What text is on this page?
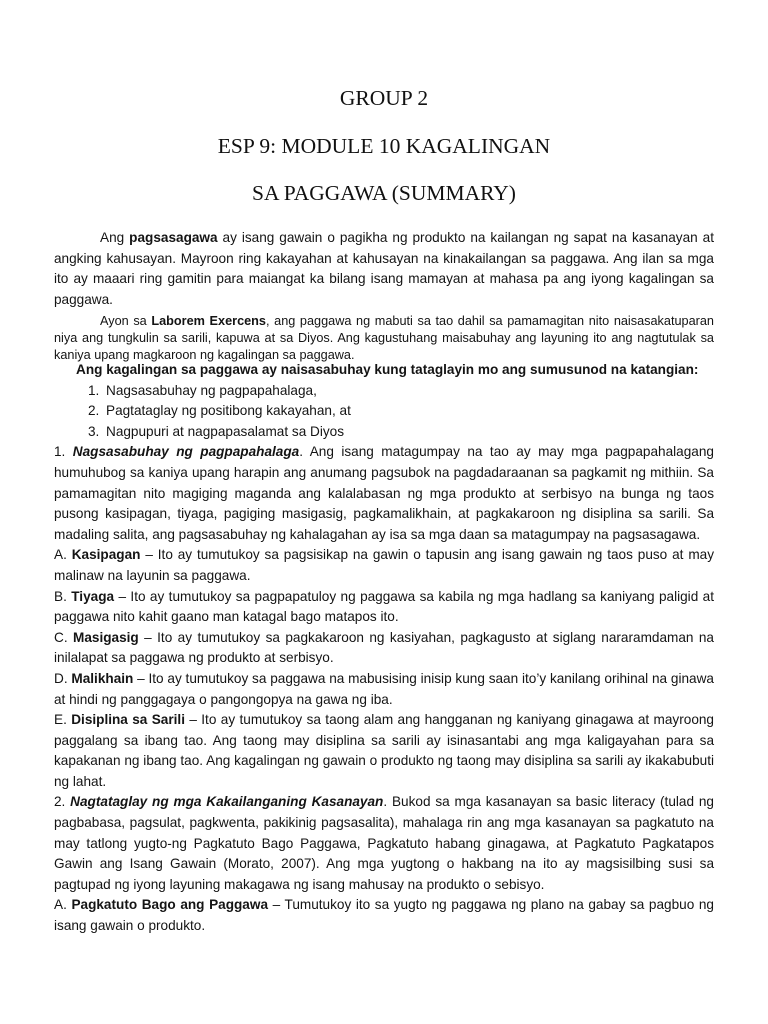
GROUP 2
ESP 9: MODULE 10 KAGALINGAN
SA PAGGAWA (SUMMARY)

Ang pagsasagawa ay isang gawain o pagikha ng produkto na kailangan ng sapat na kasanayan at angking kahusayan. Mayroon ring kakayahan at kahusayan na kinakailangan sa paggawa. Ang ilan sa mga ito ay maaari ring gamitin para maiangat ka bilang isang mamayan at mahasa pa ang iyong kagalingan sa paggawa.

Ayon sa Laborem Exercens, ang paggawa ng mabuti sa tao dahil sa pamamagitan nito naisasakatuparan niya ang tungkulin sa sarili, kapuwa at sa Diyos. Ang kagustuhang maisabuhay ang layuning ito ang nagtutulak sa kaniya upang magkaroon ng kagalingan sa paggawa.

Ang kagalingan sa paggawa ay naisasabuhay kung tataglayin mo ang sumusunod na katangian:

1. Nagsasabuhay ng pagpapahalaga,
2. Pagtataglay ng positibong kakayahan, at
3. Nagpupuri at nagpapasalamat sa Diyos

1. Nagsasabuhay ng pagpapahalaga. Ang isang matagumpay na tao ay may mga pagpapahalagang humuhubog sa kaniya upang harapin ang anumang pagsubok na pagdadaraanan sa pagkamit ng mithiin. Sa pamamagitan nito magiging maganda ang kalalabasan ng mga produkto at serbisyo na bunga ng taos pusong kasipagan, tiyaga, pagiging masigasig, pagkamalikhain, at pagkakaroon ng disiplina sa sarili. Sa madaling salita, ang pagsasabuhay ng kahalagahan ay isa sa mga daan sa matagumpay na pagsasagawa.

A. Kasipagan – Ito ay tumutukoy sa pagsisikap na gawin o tapusin ang isang gawain ng taos puso at may malinaw na layunin sa paggawa.

B. Tiyaga – Ito ay tumutukoy sa pagpapatuloy ng paggawa sa kabila ng mga hadlang sa kaniyang paligid at paggawa nito kahit gaano man katagal bago matapos ito.

C. Masigasig – Ito ay tumutukoy sa pagkakaroon ng kasiyahan, pagkagusto at siglang nararamdaman na inilalapat sa paggawa ng produkto at serbisyo.

D. Malikhain – Ito ay tumutukoy sa paggawa na mabusising inisip kung saan ito’y kanilang orihinal na ginawa at hindi ng panggagaya o pangongopya na gawa ng iba.

E. Disiplina sa Sarili – Ito ay tumutukoy sa taong alam ang hangganan ng kaniyang ginagawa at mayroong paggalang sa ibang tao. Ang taong may disiplina sa sarili ay isinasantabi ang mga kaligayahan para sa kapakanan ng ibang tao. Ang kagalingan ng gawain o produkto ng taong may disiplina sa sarili ay ikakabubuti ng lahat.

2. Nagtataglay ng mga Kakailanganing Kasanayan. Bukod sa mga kasanayan sa basic literacy (tulad ng pagbabasa, pagsulat, pagkwenta, pakikinig pagsasalita), mahalaga rin ang mga kasanayan sa pagkatuto na may tatlong yugto-ng Pagkatuto Bago Paggawa, Pagkatuto habang ginagawa, at Pagkatuto Pagkatapos Gawin ang Isang Gawain (Morato, 2007). Ang mga yugtong o hakbang na ito ay magsisilbing susi sa pagtupad ng iyong layuning makagawa ng isang mahusay na produkto o sebisyo.

A. Pagkatuto Bago ang Paggawa – Tumutukoy ito sa yugto ng paggawa ng plano na gabay sa pagbuo ng isang gawain o produkto.
